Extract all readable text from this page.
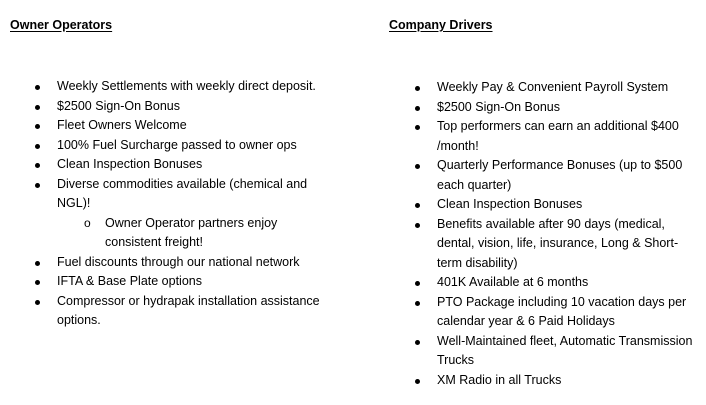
Owner Operators
Weekly Settlements with weekly direct deposit.
$2500 Sign-On Bonus
Fleet Owners Welcome
100% Fuel Surcharge passed to owner ops
Clean Inspection Bonuses
Diverse commodities available (chemical and NGL)!
o Owner Operator partners enjoy consistent freight!
Fuel discounts through our national network
IFTA & Base Plate options
Compressor or hydrapak installation assistance options.
Company Drivers
Weekly Pay & Convenient Payroll System
$2500 Sign-On Bonus
Top performers can earn an additional $400 /month!
Quarterly Performance Bonuses (up to $500 each quarter)
Clean Inspection Bonuses
Benefits available after 90 days (medical, dental, vision, life, insurance, Long & Short-term disability)
401K Available at 6 months
PTO Package including 10 vacation days per calendar year & 6 Paid Holidays
Well-Maintained fleet, Automatic Transmission Trucks
XM Radio in all Trucks
